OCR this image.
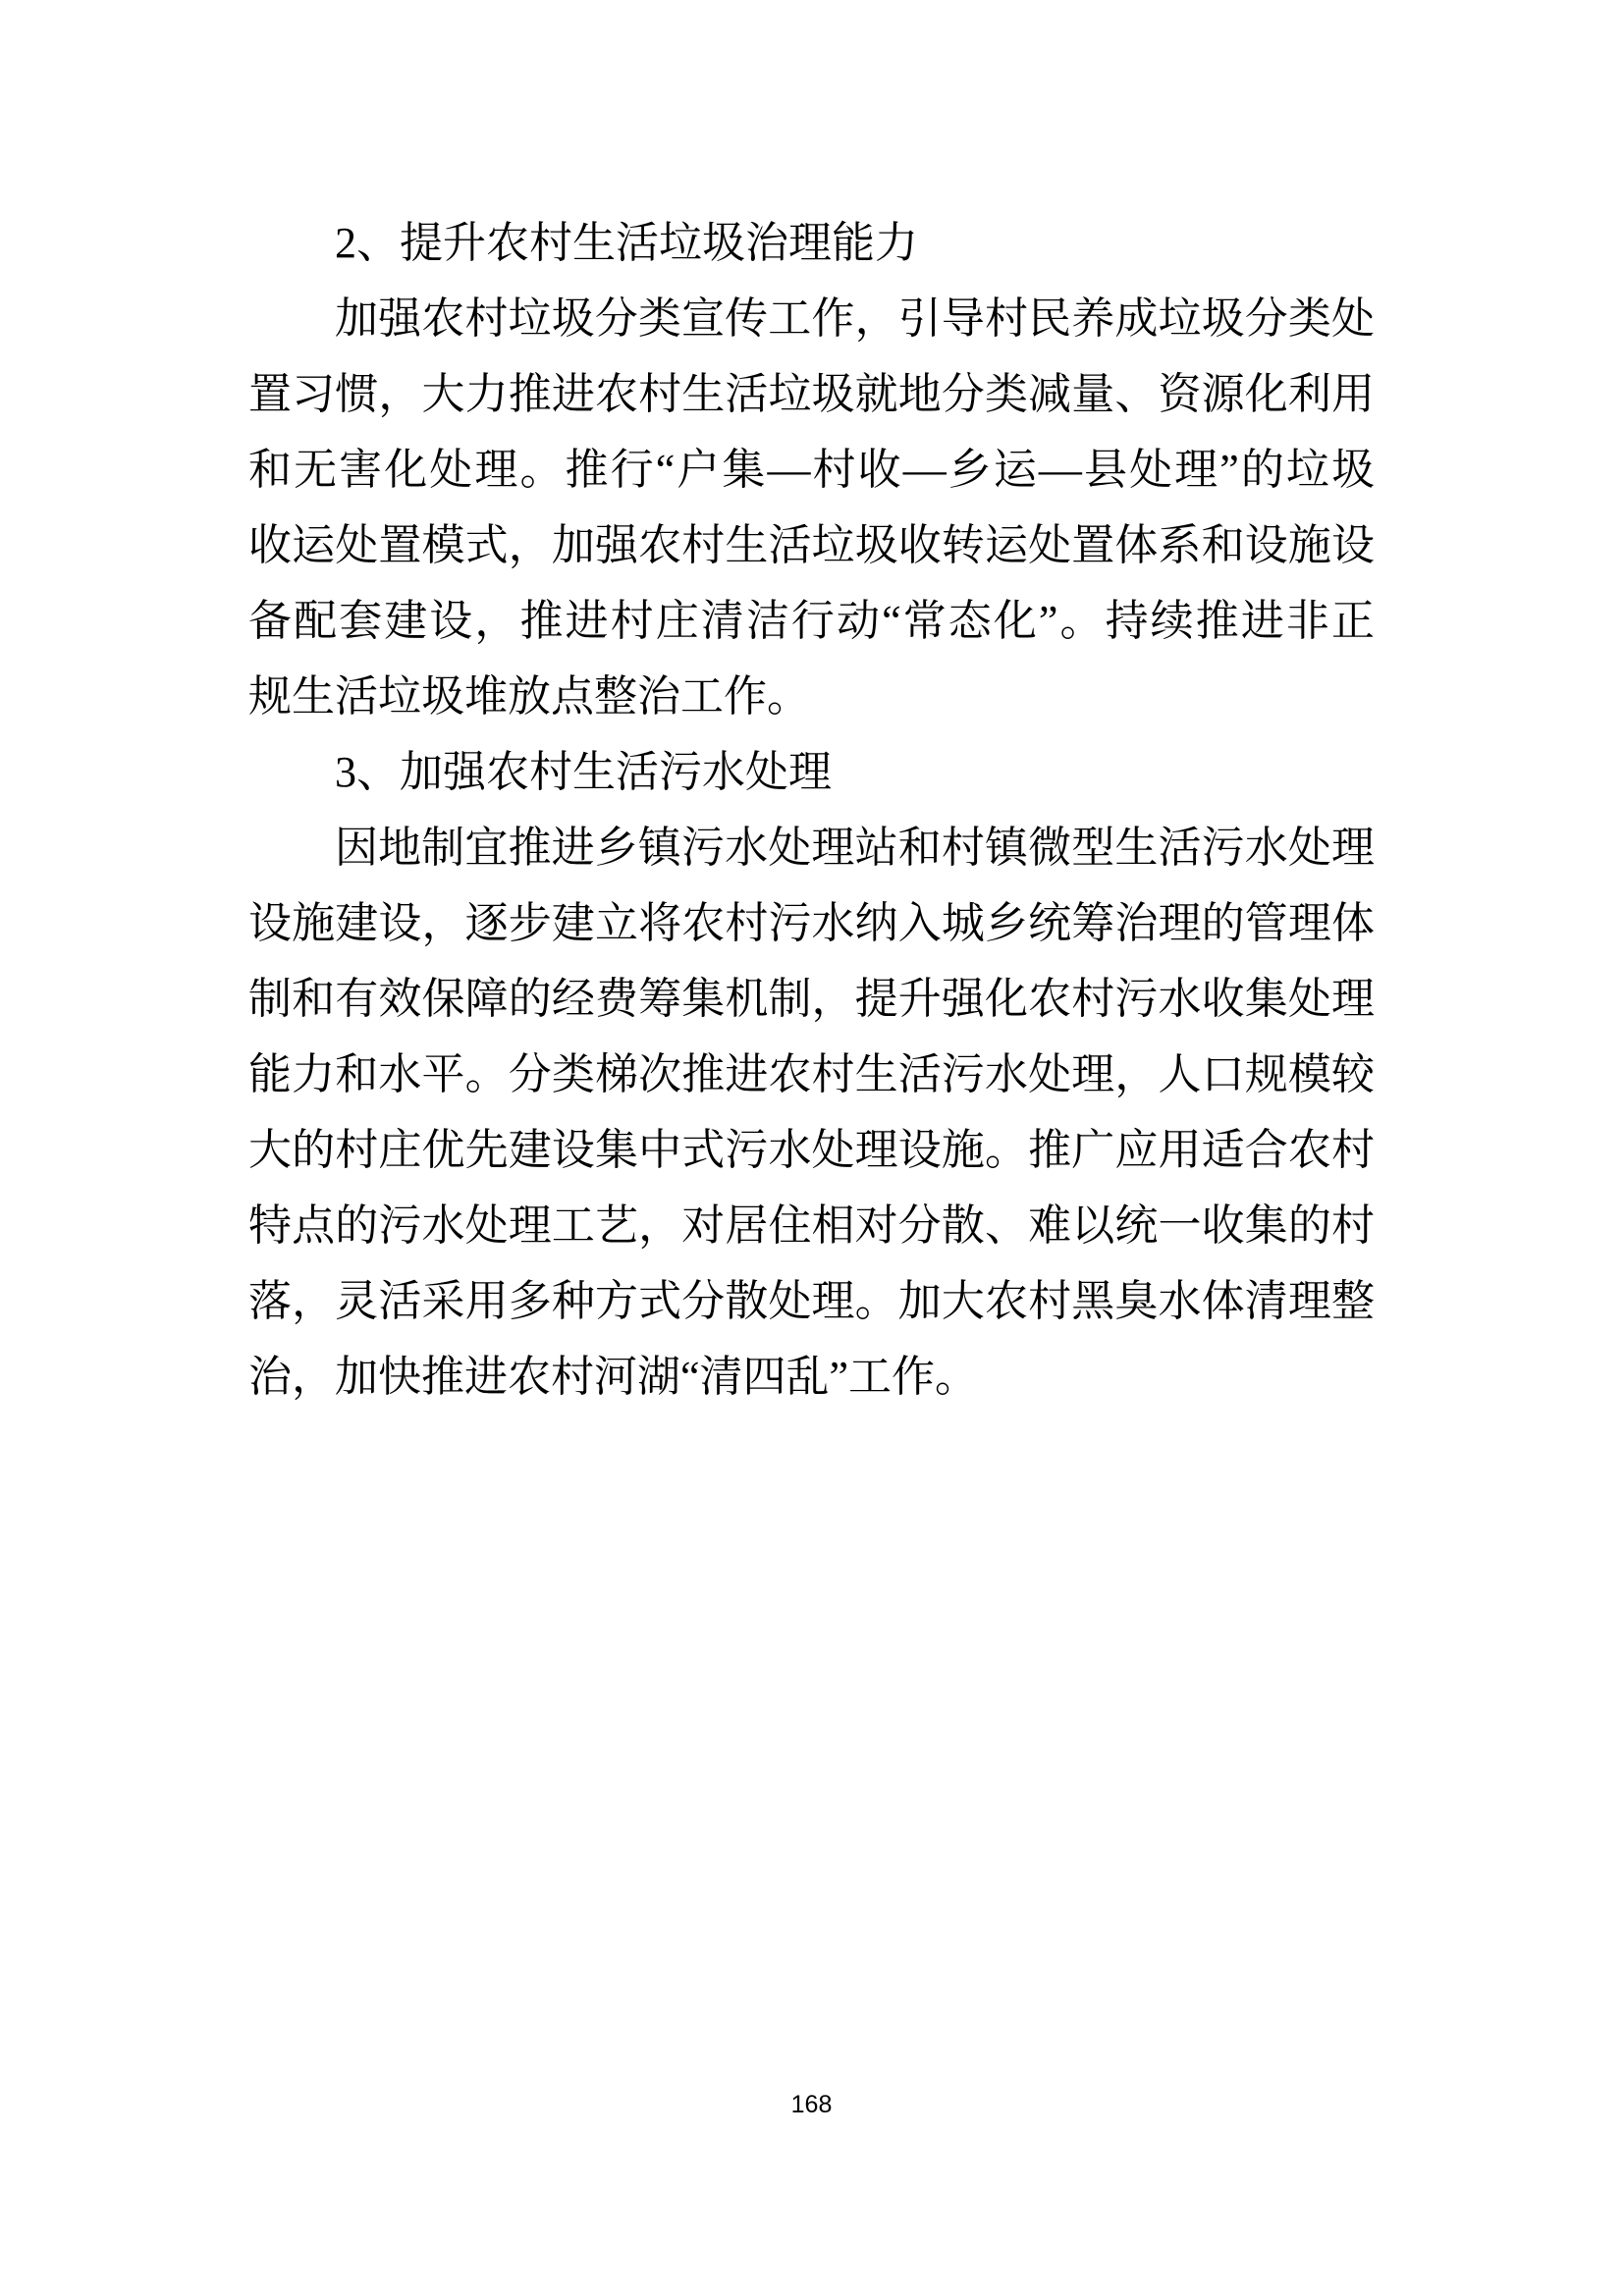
2、提升农村生活垃圾治理能力
加强农村垃圾分类宣传工作，引导村民养成垃圾分类处
置习惯，大力推进农村生活垃圾就地分类减量、资源化利用
和无害化处理。推行“户集—村收—乡运—县处理”的垃圾
收运处置模式，加强农村生活垃圾收转运处置体系和设施设
备配套建设，推进村庄清洁行动“常态化”。持续推进非正
规生活垃圾堆放点整治工作。
3、加强农村生活污水处理
因地制宜推进乡镇污水处理站和村镇微型生活污水处理
设施建设，逐步建立将农村污水纳入城乡统筹治理的管理体
制和有效保障的经费筹集机制，提升强化农村污水收集处理
能力和水平。分类梯次推进农村生活污水处理，人口规模较
大的村庄优先建设集中式污水处理设施。推广应用适合农村
特点的污水处理工艺，对居住相对分散、难以统一收集的村
落，灵活采用多种方式分散处理。加大农村黑臭水体清理整
治，加快推进农村河湖“清四乱”工作。
168
